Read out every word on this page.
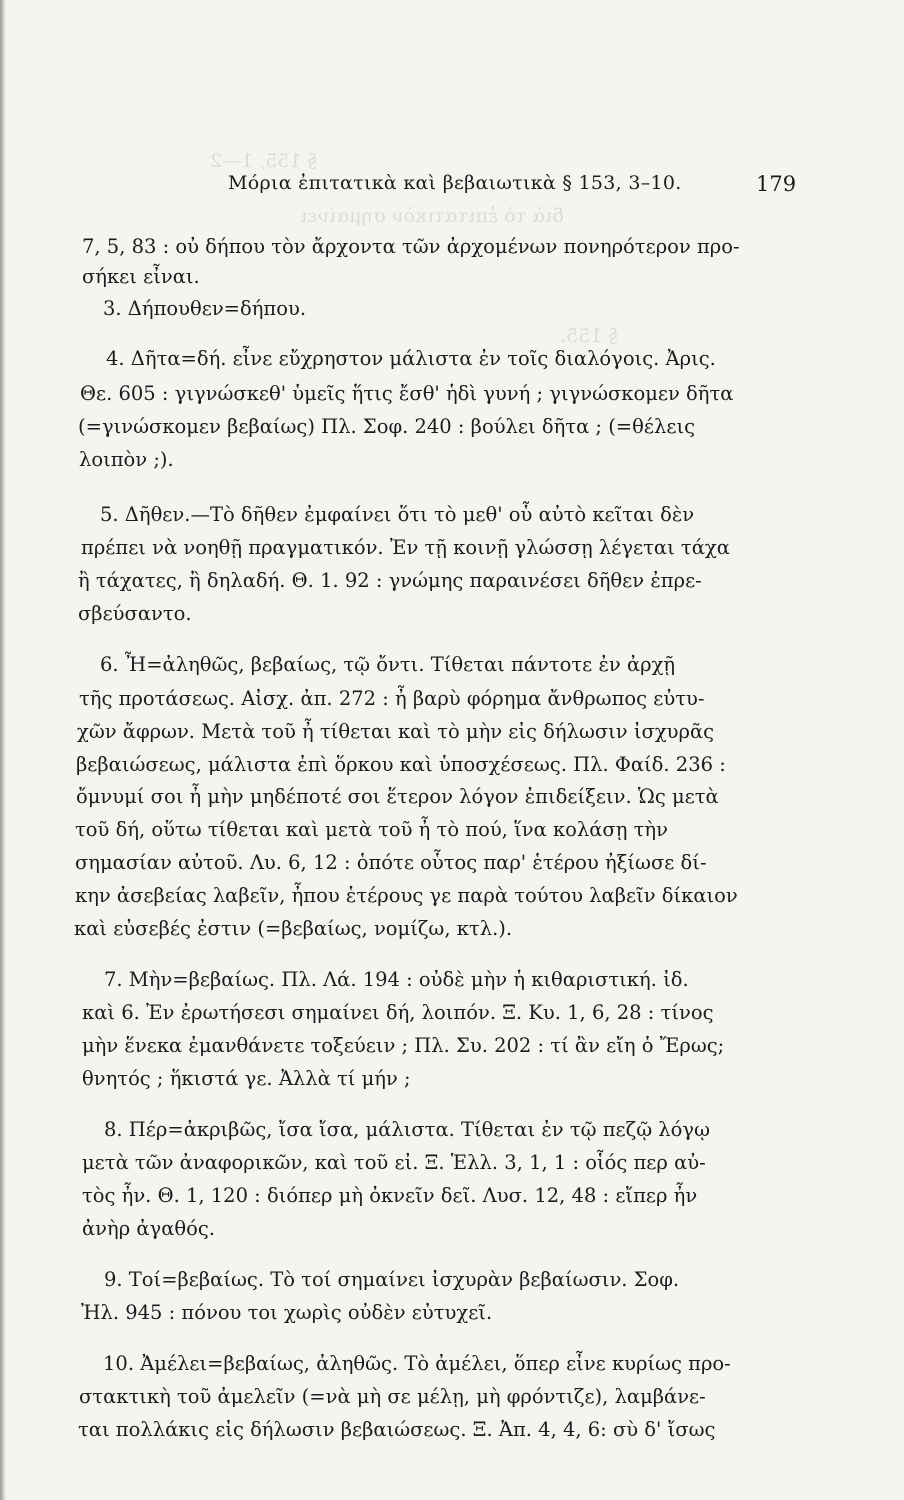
§ 155, 1—2
διὰ τὸ ἐπιτατικὸν σημαίνει
§ 155.
Μόρια ἐπιτατικὰ καὶ βεβαιωτικὰ § 153, 3–10.	179
7, 5, 83 : οὐ δήπου τὸν ἄρχοντα τῶν ἀρχομένων πονηρότερον προ-
σήκει εἶναι.
3. Δήπουθεν=δήπου.
4. Δῆτα=δή. εἶνε εὔχρηστον μάλιστα ἐν τοῖς διαλόγοις. Ἀρις.
Θε. 605 : γιγνώσκεθ' ὑμεῖς ἥτις ἔσθ' ἡδὶ γυνή ; γιγνώσκομεν δῆτα
(=γινώσκομεν βεβαίως) Πλ. Σοφ. 240 : βούλει δῆτα ; (=θέλεις
λοιπὸν ;).
5. Δῆθεν.—Τὸ δῆθεν ἐμφαίνει ὅτι τὸ μεθ' οὗ αὐτὸ κεῖται δὲν
πρέπει νὰ νοηθῇ πραγματικόν. Ἐν τῇ κοινῇ γλώσσῃ λέγεται τάχα
ἢ τάχατες, ἢ δηλαδή. Θ. 1. 92 : γνώμης παραινέσει δῆθεν ἐπρε-
σβεύσαντο.
6. Ἦ=ἀληθῶς, βεβαίως, τῷ ὄντι. Τίθεται πάντοτε ἐν ἀρχῇ
τῆς προτάσεως. Αἰσχ. ἀπ. 272 : ἦ βαρὺ φόρημα ἄνθρωπος εὐτυ-
χῶν ἄφρων. Μετὰ τοῦ ἦ τίθεται καὶ τὸ μὴν εἰς δήλωσιν ἰσχυρᾶς
βεβαιώσεως, μάλιστα ἐπὶ ὅρκου καὶ ὑποσχέσεως. Πλ. Φαίδ. 236 :
ὄμνυμί σοι ἦ μὴν μηδέποτέ σοι ἕτερον λόγον ἐπιδείξειν. Ὡς μετὰ
τοῦ δή, οὕτω τίθεται καὶ μετὰ τοῦ ἦ τὸ πού, ἵνα κολάσῃ τὴν
σημασίαν αὐτοῦ. Λυ. 6, 12 : ὁπότε οὗτος παρ' ἑτέρου ἠξίωσε δί-
κην ἀσεβείας λαβεῖν, ἦπου ἑτέρους γε παρὰ τούτου λαβεῖν δίκαιον
καὶ εὐσεβές ἐστιν (=βεβαίως, νομίζω, κτλ.).
7. Μὴν=βεβαίως. Πλ. Λά. 194 : οὐδὲ μὴν ἡ κιθαριστική. ἰδ.
καὶ 6. Ἐν ἐρωτήσεσι σημαίνει δή, λοιπόν. Ξ. Κυ. 1, 6, 28 : τίνος
μὴν ἕνεκα ἐμανθάνετε τοξεύειν ; Πλ. Συ. 202 : τί ἂν εἴη ὁ Ἔρως;
θνητός ; ἥκιστά γε. Ἀλλὰ τί μήν ;
8. Πέρ=ἀκριβῶς, ἴσα ἴσα, μάλιστα. Τίθεται ἐν τῷ πεζῷ λόγῳ
μετὰ τῶν ἀναφορικῶν, καὶ τοῦ εἰ. Ξ. Ἑλλ. 3, 1, 1 : οἷός περ αὐ-
τὸς ἦν. Θ. 1, 120 : διόπερ μὴ ὀκνεῖν δεῖ. Λυσ. 12, 48 : εἴπερ ἦν
ἀνὴρ ἀγαθός.
9. Τοί=βεβαίως. Τὸ τοί σημαίνει ἰσχυρὰν βεβαίωσιν. Σοφ.
Ἠλ. 945 : πόνου τοι χωρὶς οὐδὲν εὐτυχεῖ.
10. Ἀμέλει=βεβαίως, ἀληθῶς. Τὸ ἀμέλει, ὅπερ εἶνε κυρίως προ-
στακτικὴ τοῦ ἀμελεῖν (=νὰ μὴ σε μέλῃ, μὴ φρόντιζε), λαμβάνε-
ται πολλάκις εἰς δήλωσιν βεβαιώσεως. Ξ. Ἀπ. 4, 4, 6: σὺ δ' ἴσως
